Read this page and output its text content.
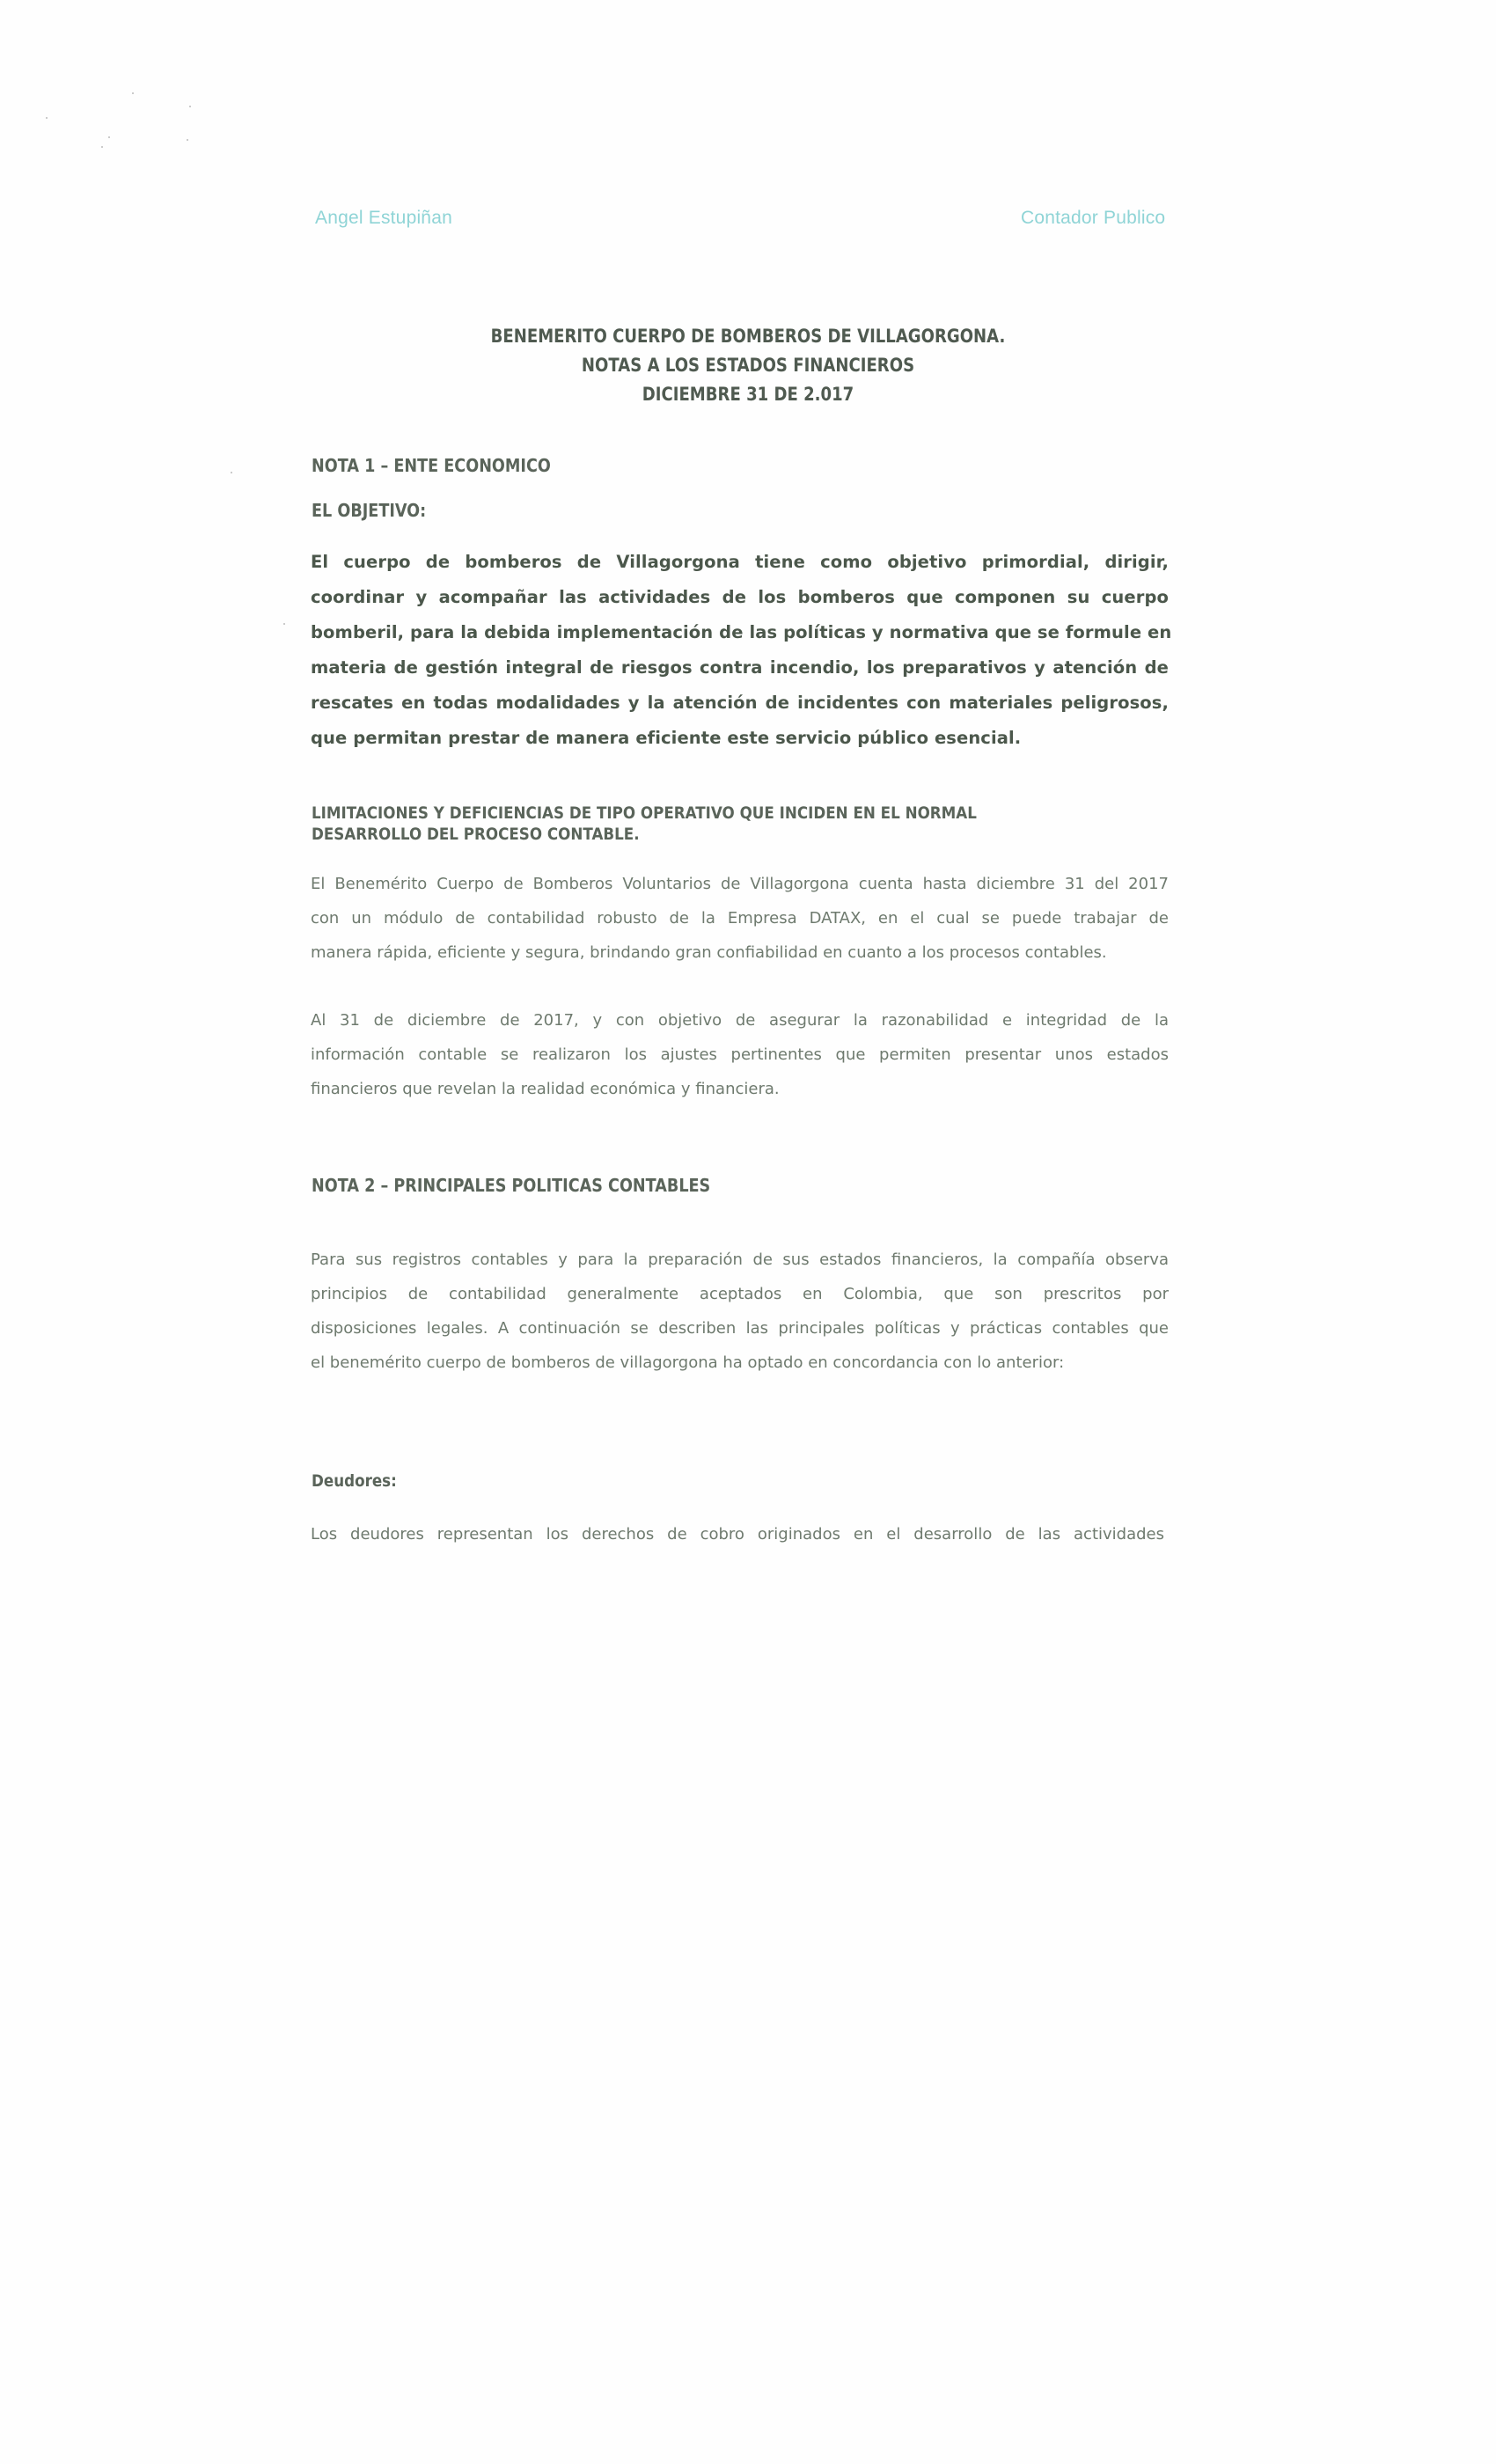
Angel Estupiñan	Contador Publico
BENEMERITO CUERPO DE BOMBEROS DE VILLAGORGONA.
NOTAS A LOS ESTADOS FINANCIEROS
DICIEMBRE 31 DE 2.017
NOTA 1 – ENTE ECONOMICO
EL OBJETIVO:
El cuerpo de bomberos de Villagorgona tiene como objetivo primordial, dirigir,
coordinar y acompañar las actividades de los bomberos que componen su cuerpo
bomberil, para la debida implementación de las políticas y normativa que se formule en
materia de gestión integral de riesgos contra incendio, los preparativos y atención de
rescates en todas modalidades y la atención de incidentes con materiales peligrosos,
que permitan prestar de manera eficiente este servicio público esencial.
LIMITACIONES Y DEFICIENCIAS DE TIPO OPERATIVO QUE INCIDEN EN EL NORMAL
DESARROLLO DEL PROCESO CONTABLE.
El Benemérito Cuerpo de Bomberos Voluntarios de Villagorgona cuenta hasta diciembre 31 del 2017
con un módulo de contabilidad robusto de la Empresa DATAX, en el cual se puede trabajar de
manera rápida, eficiente y segura, brindando gran confiabilidad en cuanto a los procesos contables.
Al 31 de diciembre de 2017, y con objetivo de asegurar la razonabilidad e integridad de la
información contable se realizaron los ajustes pertinentes que permiten presentar unos estados
financieros que revelan la realidad económica y financiera.
NOTA 2 – PRINCIPALES POLITICAS CONTABLES
Para sus registros contables y para la preparación de sus estados financieros, la compañía observa
principios de contabilidad generalmente aceptados en Colombia, que son prescritos por
disposiciones legales. A continuación se describen las principales políticas y prácticas contables que
el benemérito cuerpo de bomberos de villagorgona ha optado en concordancia con lo anterior:
Deudores:
Los deudores representan los derechos de cobro originados en el desarrollo de las actividades
